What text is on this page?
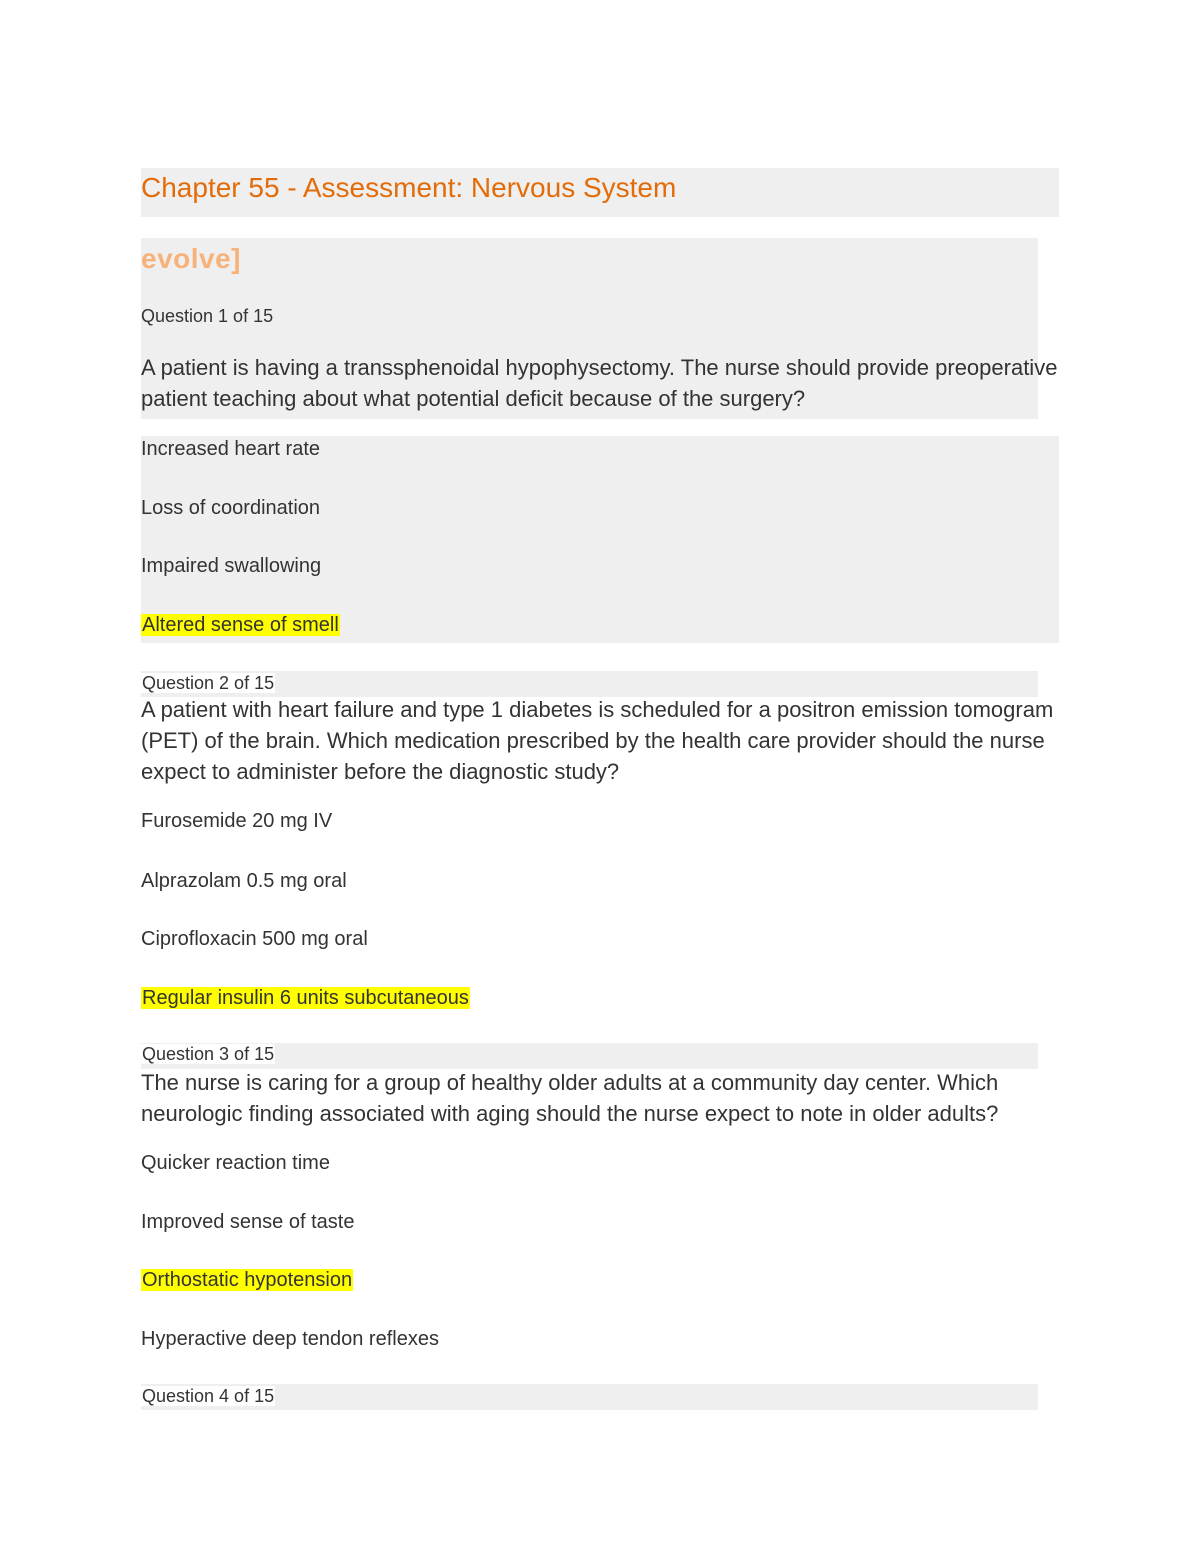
Chapter 55 - Assessment: Nervous System
evolve]
Question 1 of 15
A patient is having a transsphenoidal hypophysectomy. The nurse should provide preoperative patient teaching about what potential deficit because of the surgery?
Increased heart rate
Loss of coordination
Impaired swallowing
Altered sense of smell
Question 2 of 15
A patient with heart failure and type 1 diabetes is scheduled for a positron emission tomogram (PET) of the brain. Which medication prescribed by the health care provider should the nurse expect to administer before the diagnostic study?
Furosemide 20 mg IV
Alprazolam 0.5 mg oral
Ciprofloxacin 500 mg oral
Regular insulin 6 units subcutaneous
Question 3 of 15
The nurse is caring for a group of healthy older adults at a community day center. Which neurologic finding associated with aging should the nurse expect to note in older adults?
Quicker reaction time
Improved sense of taste
Orthostatic hypotension
Hyperactive deep tendon reflexes
Question 4 of 15
